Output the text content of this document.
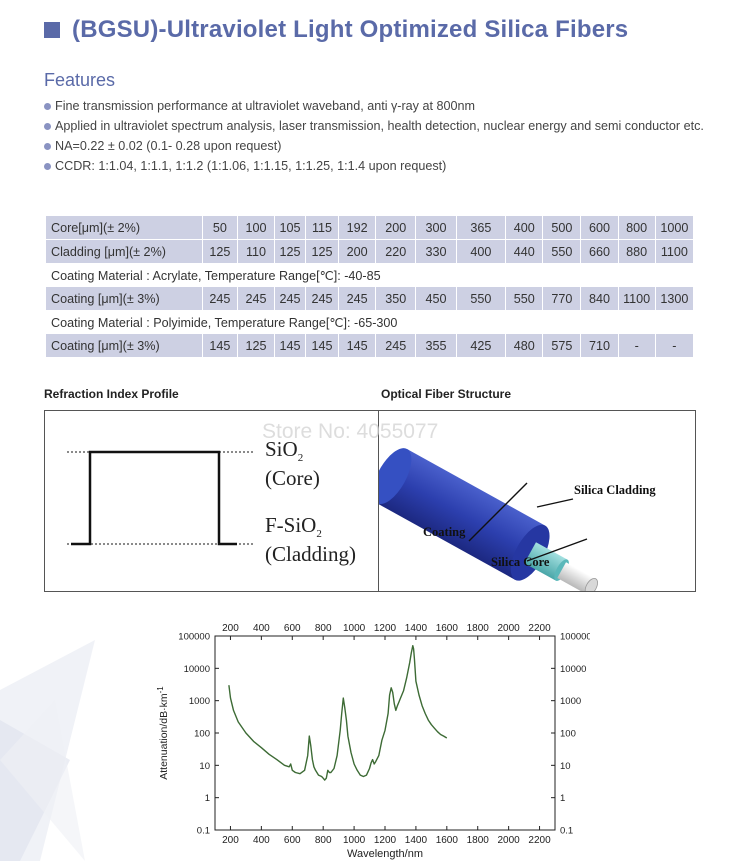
(BGSU)-Ultraviolet Light Optimized Silica Fibers
Features
Fine transmission performance at ultraviolet waveband, anti γ-ray at 800nm
Applied in ultraviolet spectrum analysis, laser transmission, health detection, nuclear energy and semi conductor etc.
NA=0.22 ± 0.02 (0.1- 0.28 upon request)
CCDR: 1:1.04, 1:1.1, 1:1.2 (1:1.06, 1:1.15, 1:1.25, 1:1.4 upon request)
Core[μm](± 2%)	50	100	105	115	192	200	300	365	400	500	600	800	1000
Cladding [μm](± 2%)	125	110	125	125	200	220	330	400	440	550	660	880	1100
Coating Material : Acrylate, Temperature Range[℃]: -40-85													
Coating [μm](± 3%)	245	245	245	245	245	350	450	550	550	770	840	1100	1300
Coating Material : Polyimide, Temperature Range[℃]: -65-300													
Coating [μm](± 3%)	145	125	145	145	145	245	355	425	480	575	710	-	-
Refraction Index Profile	Optical Fiber Structure
SiO$_2$
(Core)
F-SiO$_2$
(Cladding)
Silica Cladding
Coating
Silica Core
Store No: 4055077
200
200
400
400
600
600
800
800
1000
1000
1200
1200
1400
1400
1600
1600
1800
1800
2000
2000
2200
2200
0.1	0.1
1	1
10	10
100	100
1000	1000
10000	10000
100000	100000
Wavelength/nm
Attenuation/$dB\cdot km^{-1}$
